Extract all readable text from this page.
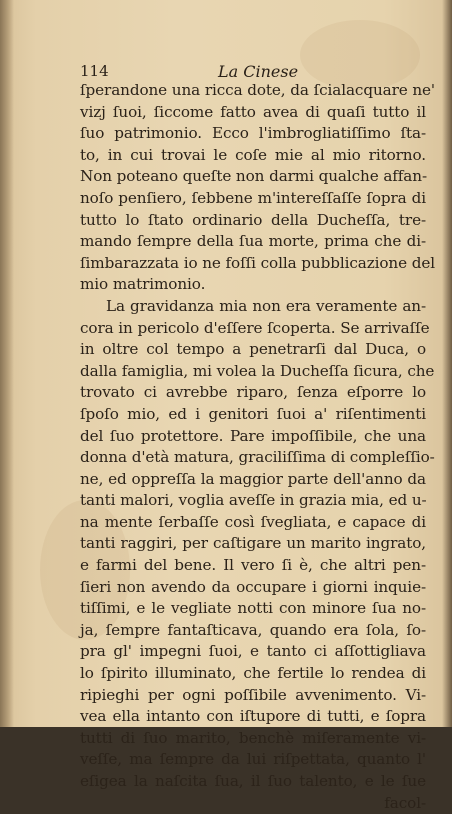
114	La Cinese
ſperandone una ricca dote, da ſcialacquare ne'
vizj ſuoi, ſiccome fatto avea di quaſi tutto il
ſuo patrimonio. Ecco l'imbrogliatiſſimo ſta-
to, in cui trovai le coſe mie al mio ritorno.
Non poteano queſte non darmi qualche affan-
noſo penſiero, ſebbene m'intereſſaſſe ſopra di
tutto lo ſtato ordinario della Ducheſſa, tre-
mando ſempre della ſua morte, prima che di-
ſimbarazzata io ne foſſi colla pubblicazione del
mio matrimonio.
La gravidanza mia non era veramente an-
cora in pericolo d'eſſere ſcoperta. Se arrivaſſe
in oltre col tempo a penetrarſi dal Duca, o
dalla famiglia, mi volea la Ducheſſa ſicura, che
trovato ci avrebbe riparo, ſenza eſporre lo
ſpoſo mio, ed i genitori ſuoi a' riſentimenti
del ſuo protettore. Pare impoſſibile, che una
donna d'età matura, graciliſſima di compleſſio-
ne, ed oppreſſa la maggior parte dell'anno da
tanti malori, voglia aveſſe in grazia mia, ed u-
na mente ſerbaſſe così ſvegliata, e capace di
tanti raggiri, per caſtigare un marito ingrato,
e farmi del bene. Il vero ſi è, che altri pen-
ſieri non avendo da occupare i giorni inquie-
tiſſimi, e le vegliate notti con minore ſua no-
ja, ſempre fantaſticava, quando era ſola, ſo-
pra gl' impegni ſuoi, e tanto ci aſſottigliava
lo ſpirito illuminato, che fertile lo rendea di
ripieghi per ogni poſſibile avvenimento. Vi-
vea ella intanto con iſtupore di tutti, e ſopra
tutti di ſuo marito, benchè miſeramente vi-
veſſe, ma ſempre da lui riſpettata, quanto l'
eſigea la naſcita ſua, il ſuo talento, e le ſue
facol-
